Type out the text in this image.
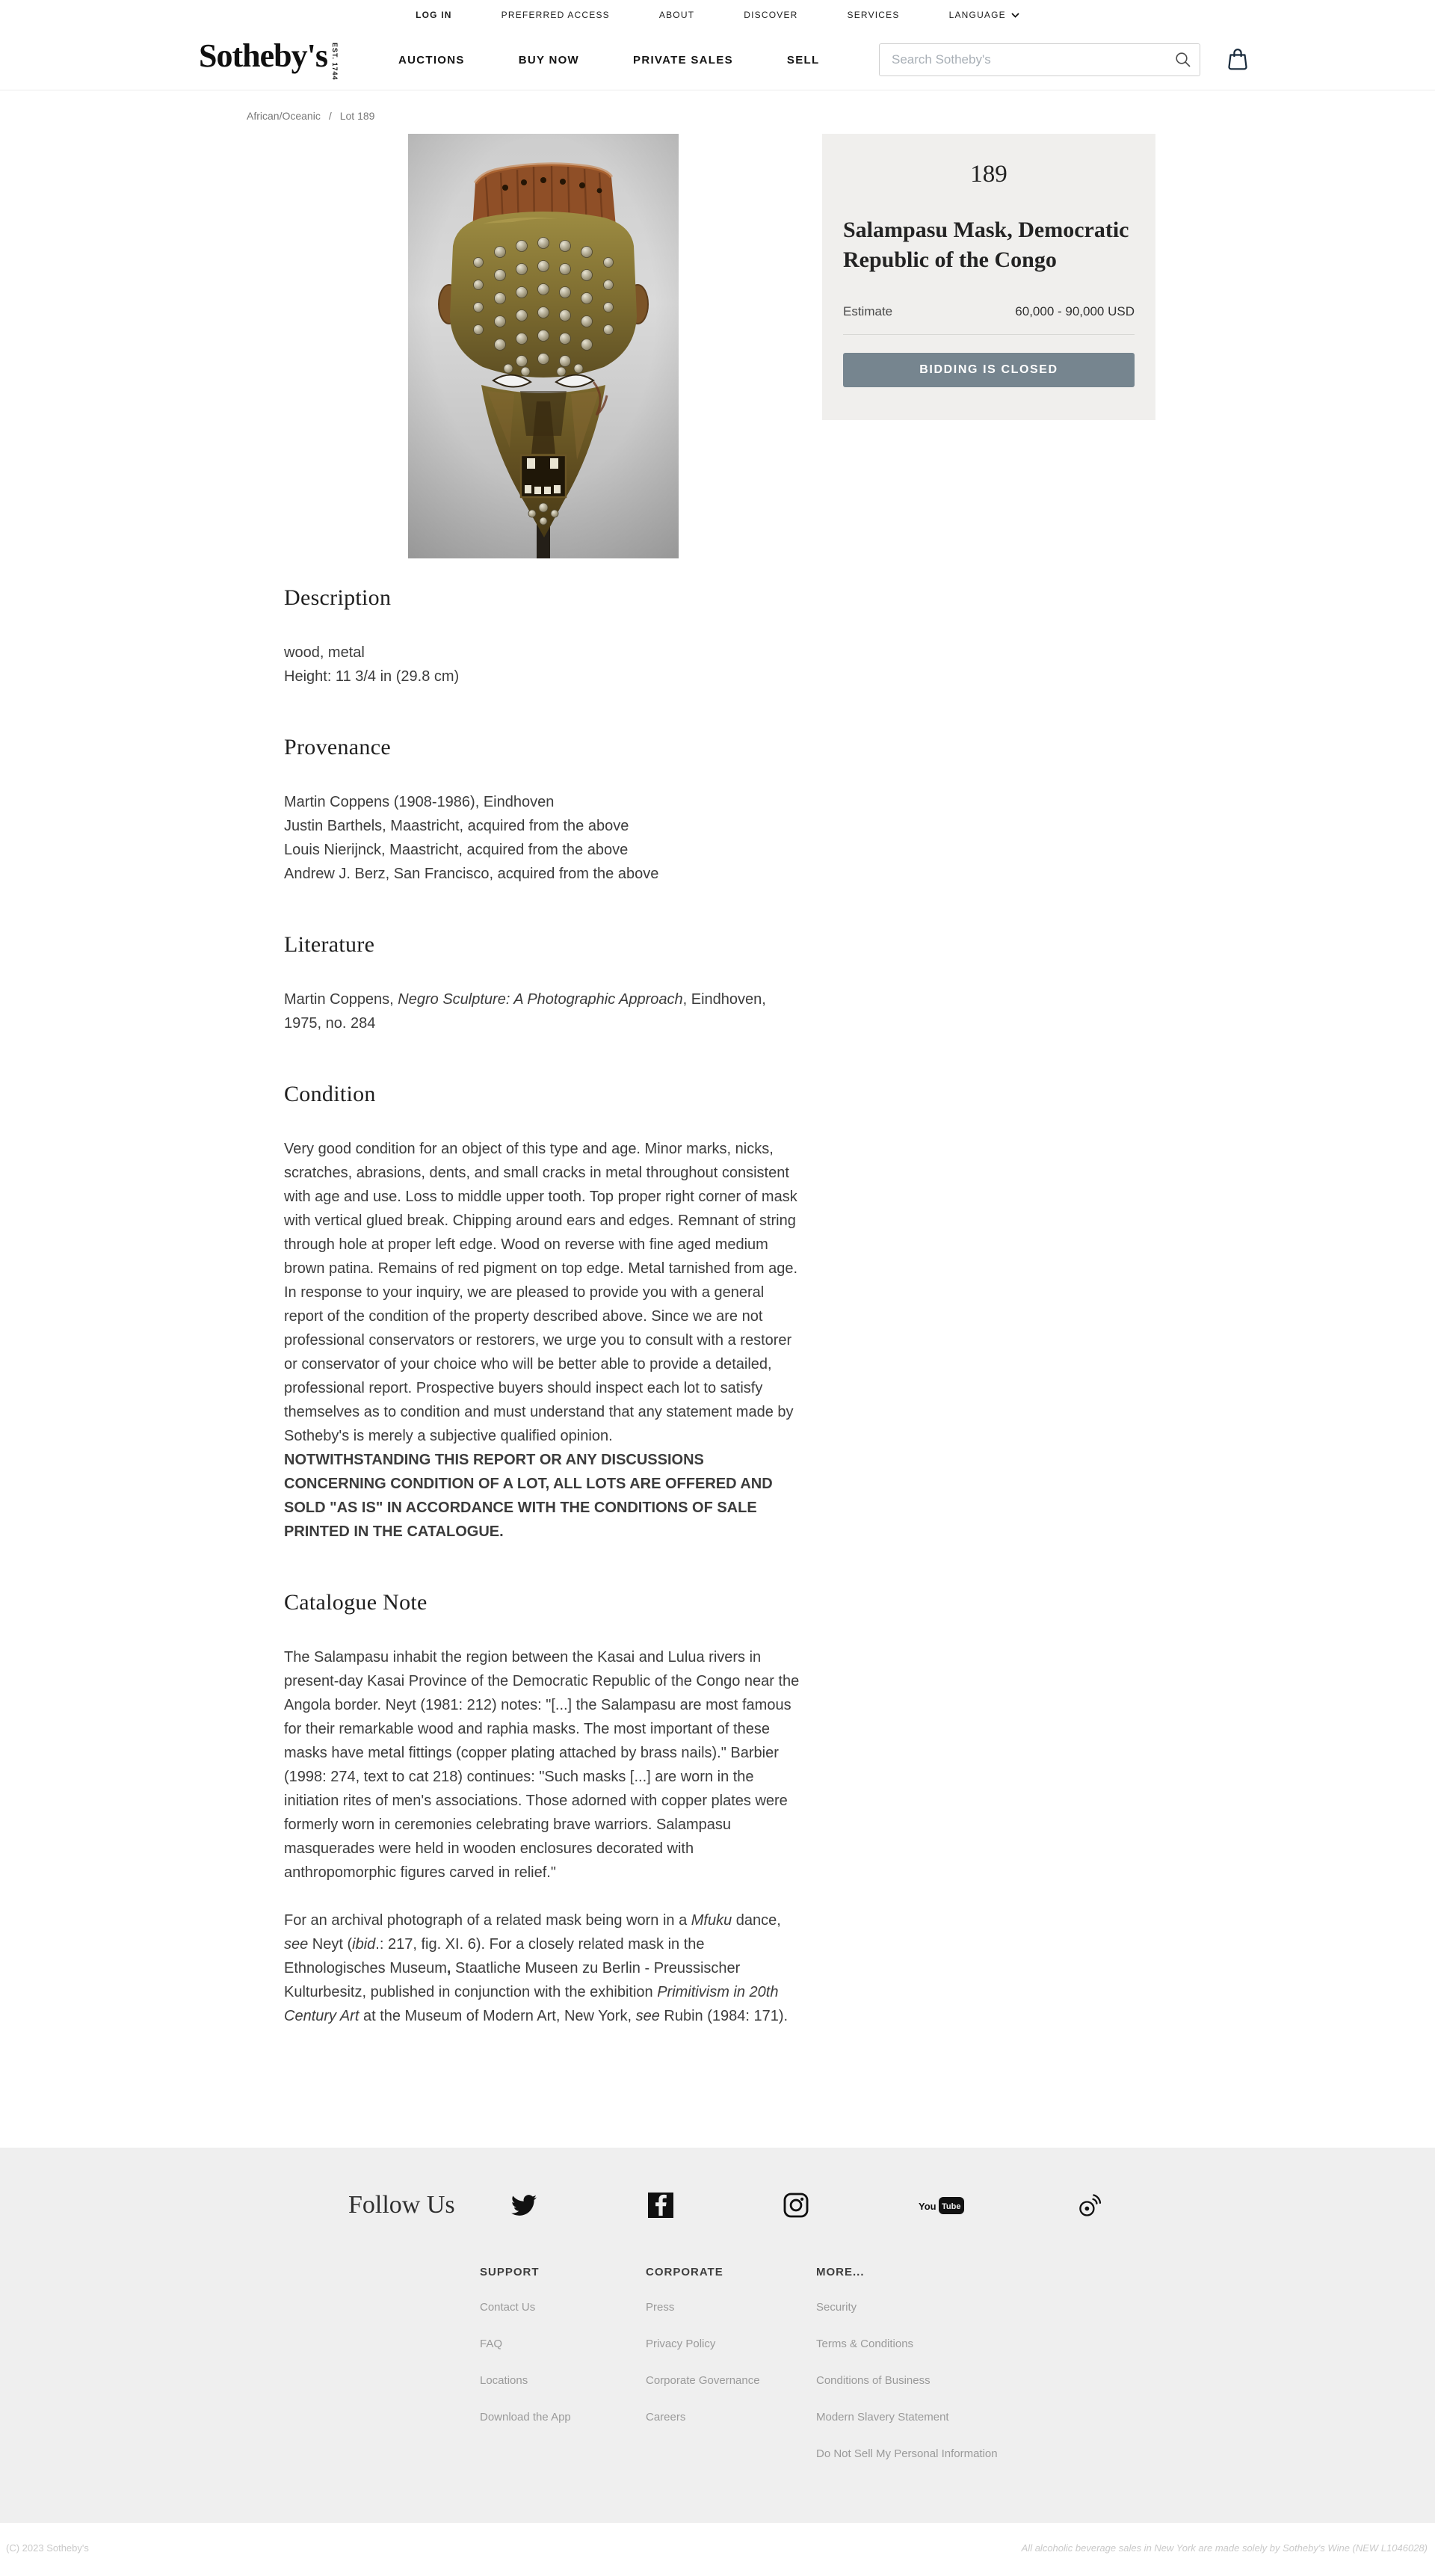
LOG IN	PREFERRED ACCESS	ABOUT	DISCOVER	SERVICES	LANGUAGE
Sotheby's EST. 1744	AUCTIONS	BUY NOW	PRIVATE SALES	SELL
Search Sotheby's
African/Oceanic / Lot 189
189
Salampasu Mask, Democratic Republic of the Congo
Estimate	60,000 - 90,000 USD
BIDDING IS CLOSED
Description

wood, metal
Height: 11 3/4 in (29.8 cm)

Provenance

Martin Coppens (1908-1986), Eindhoven
Justin Barthels, Maastricht, acquired from the above
Louis Nierijnck, Maastricht, acquired from the above
Andrew J. Berz, San Francisco, acquired from the above

Literature

Martin Coppens, Negro Sculpture: A Photographic Approach, Eindhoven, 1975, no. 284

Condition

Very good condition for an object of this type and age. Minor marks, nicks, scratches, abrasions, dents, and small cracks in metal throughout consistent with age and use. Loss to middle upper tooth. Top proper right corner of mask with vertical glued break. Chipping around ears and edges. Remnant of string through hole at proper left edge. Wood on reverse with fine aged medium brown patina. Remains of red pigment on top edge. Metal tarnished from age.

In response to your inquiry, we are pleased to provide you with a general report of the condition of the property described above. Since we are not professional conservators or restorers, we urge you to consult with a restorer or conservator of your choice who will be better able to provide a detailed, professional report. Prospective buyers should inspect each lot to satisfy themselves as to condition and must understand that any statement made by Sotheby's is merely a subjective qualified opinion.

NOTWITHSTANDING THIS REPORT OR ANY DISCUSSIONS CONCERNING CONDITION OF A LOT, ALL LOTS ARE OFFERED AND SOLD "AS IS" IN ACCORDANCE WITH THE CONDITIONS OF SALE PRINTED IN THE CATALOGUE.

Catalogue Note

The Salampasu inhabit the region between the Kasai and Lulua rivers in present-day Kasai Province of the Democratic Republic of the Congo near the Angola border. Neyt (1981: 212) notes: "[...] the Salampasu are most famous for their remarkable wood and raphia masks. The most important of these masks have metal fittings (copper plating attached by brass nails)." Barbier (1998: 274, text to cat 218) continues: "Such masks [...] are worn in the initiation rites of men's associations. Those adorned with copper plates were formerly worn in ceremonies celebrating brave warriors. Salampasu masquerades were held in wooden enclosures decorated with anthropomorphic figures carved in relief."

For an archival photograph of a related mask being worn in a Mfuku dance, see Neyt (ibid.: 217, fig. XI. 6). For a closely related mask in the Ethnologisches Museum, Staatliche Museen zu Berlin - Preussischer Kulturbesitz, published in conjunction with the exhibition Primitivism in 20th Century Art at the Museum of Modern Art, New York, see Rubin (1984: 171).

Follow Us	You Tube
SUPPORT
Contact Us
FAQ
Locations
Download the App
CORPORATE
Press
Privacy Policy
Corporate Governance
Careers
MORE...
Security
Terms & Conditions
Conditions of Business
Modern Slavery Statement
Do Not Sell My Personal Information
(C) 2023 Sotheby's	All alcoholic beverage sales in New York are made solely by Sotheby's Wine (NEW L1046028)
